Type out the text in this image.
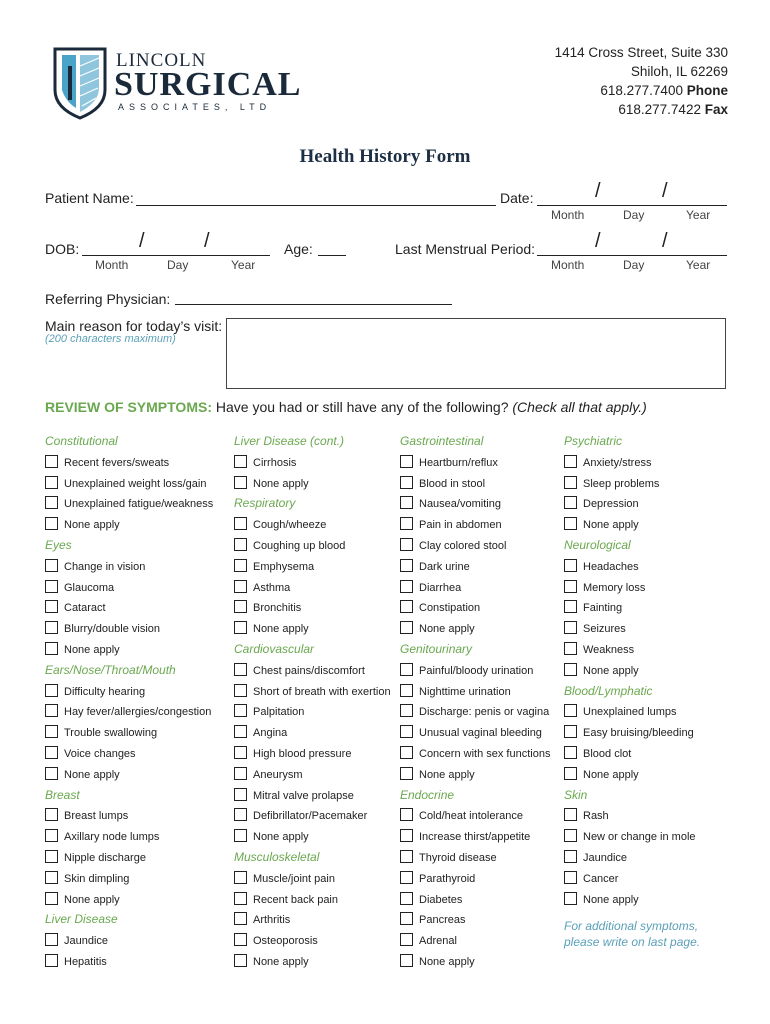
LINCOLN
SURGICAL
ASSOCIATES, LTD
1414 Cross Street, Suite 330
Shiloh, IL 62269
618.277.7400 Phone
618.277.7422 Fax
Health History Form
Patient Name:	Date:	/	/
Month	Day	Year
DOB:	/	/
Month	Day	Year
Age:	Last Menstrual Period:	/	/
Month	Day	Year
Referring Physician:
Main reason for today’s visit:
(200 characters maximum)
REVIEW OF SYMPTOMS: Have you had or still have any of the following? (Check all that apply.)
Constitutional
Recent fevers/sweats
Unexplained weight loss/gain
Unexplained fatigue/weakness
None apply
Eyes
Change in vision
Glaucoma
Cataract
Blurry/double vision
None apply
Ears/Nose/Throat/Mouth
Difficulty hearing
Hay fever/allergies/congestion
Trouble swallowing
Voice changes
None apply
Breast
Breast lumps
Axillary node lumps
Nipple discharge
Skin dimpling
None apply
Liver Disease
Jaundice
Hepatitis
Liver Disease (cont.)
Cirrhosis
None apply
Respiratory
Cough/wheeze
Coughing up blood
Emphysema
Asthma
Bronchitis
None apply
Cardiovascular
Chest pains/discomfort
Short of breath with exertion
Palpitation
Angina
High blood pressure
Aneurysm
Mitral valve prolapse
Defibrillator/Pacemaker
None apply
Musculoskeletal
Muscle/joint pain
Recent back pain
Arthritis
Osteoporosis
None apply
Gastrointestinal
Heartburn/reflux
Blood in stool
Nausea/vomiting
Pain in abdomen
Clay colored stool
Dark urine
Diarrhea
Constipation
None apply
Genitourinary
Painful/bloody urination
Nighttime urination
Discharge: penis or vagina
Unusual vaginal bleeding
Concern with sex functions
None apply
Endocrine
Cold/heat intolerance
Increase thirst/appetite
Thyroid disease
Parathyroid
Diabetes
Pancreas
Adrenal
None apply
Psychiatric
Anxiety/stress
Sleep problems
Depression
None apply
Neurological
Headaches
Memory loss
Fainting
Seizures
Weakness
None apply
Blood/Lymphatic
Unexplained lumps
Easy bruising/bleeding
Blood clot
None apply
Skin
Rash
New or change in mole
Jaundice
Cancer
None apply
For additional symptoms,
please write on last page.
